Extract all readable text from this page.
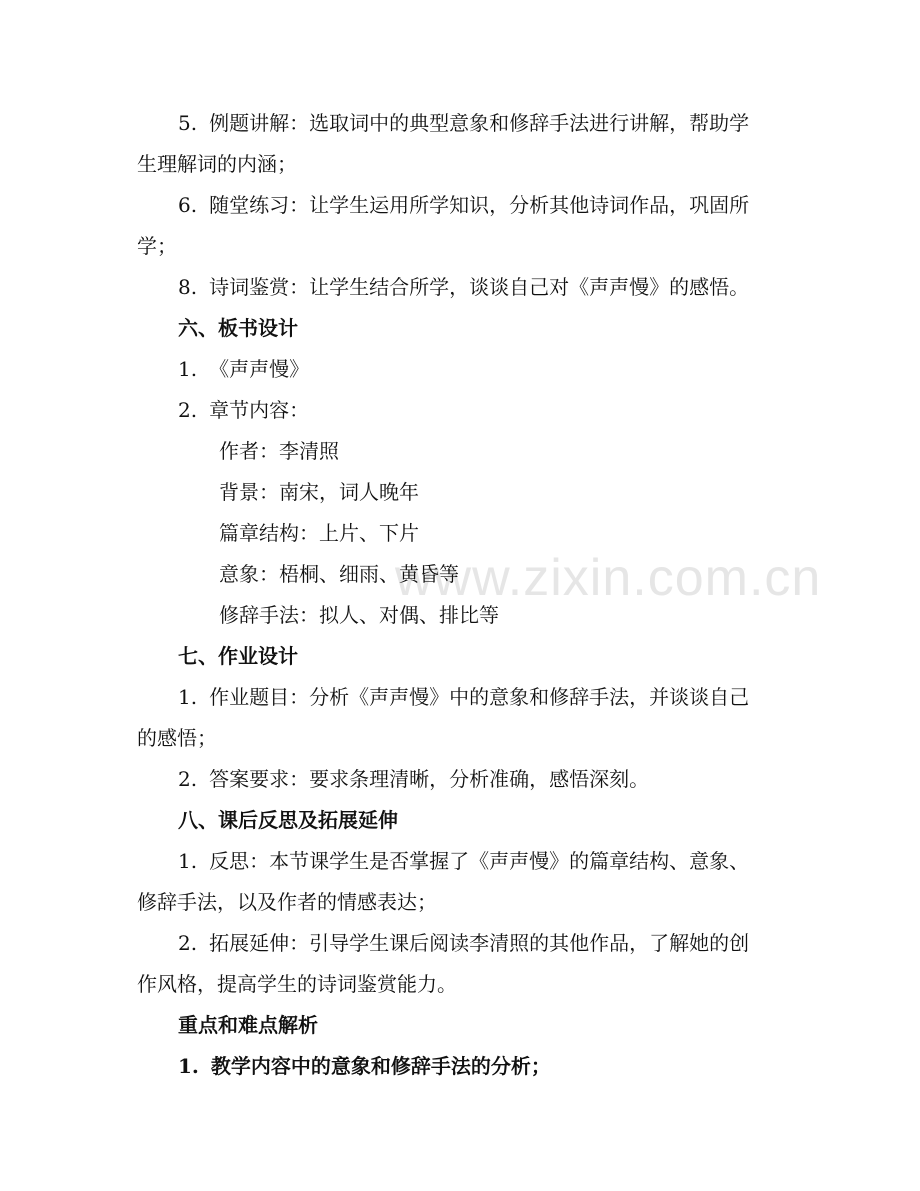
www.zixin.com.cn
5. 例题讲解：选取词中的典型意象和修辞手法进行讲解，帮助学
生理解词的内涵；
6. 随堂练习：让学生运用所学知识，分析其他诗词作品，巩固所
学；
8. 诗词鉴赏：让学生结合所学，谈谈自己对《声声慢》的感悟。
六、板书设计
1. 《声声慢》
2. 章节内容：
作者：李清照
背景：南宋，词人晚年
篇章结构：上片、下片
意象：梧桐、细雨、黄昏等
修辞手法：拟人、对偶、排比等
七、作业设计
1. 作业题目：分析《声声慢》中的意象和修辞手法，并谈谈自己
的感悟；
2. 答案要求：要求条理清晰，分析准确，感悟深刻。
八、课后反思及拓展延伸
1. 反思：本节课学生是否掌握了《声声慢》的篇章结构、意象、
修辞手法，以及作者的情感表达；
2. 拓展延伸：引导学生课后阅读李清照的其他作品，了解她的创
作风格，提高学生的诗词鉴赏能力。
重点和难点解析
1. 教学内容中的意象和修辞手法的分析；
